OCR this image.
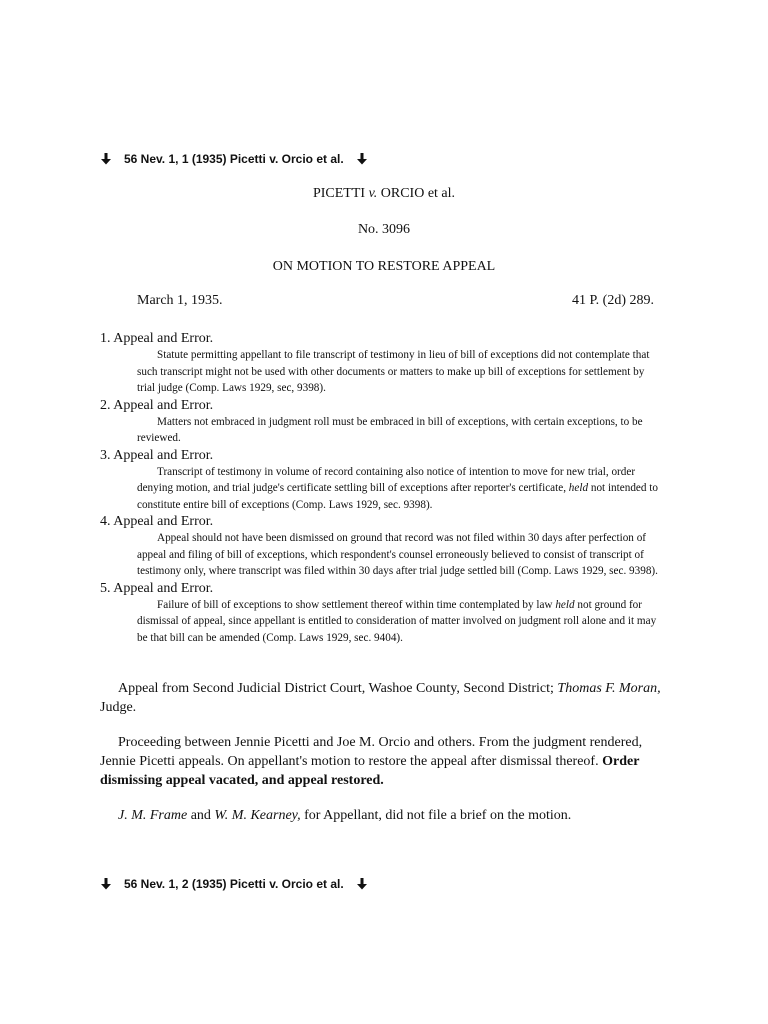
56 Nev. 1, 1 (1935) Picetti v. Orcio et al.
PICETTI v. ORCIO et al.
No. 3096
ON MOTION TO RESTORE APPEAL
March 1, 1935.	41 P. (2d) 289.
1. Appeal and Error.
Statute permitting appellant to file transcript of testimony in lieu of bill of exceptions did not contemplate that such transcript might not be used with other documents or matters to make up bill of exceptions for settlement by trial judge (Comp. Laws 1929, sec, 9398).
2. Appeal and Error.
Matters not embraced in judgment roll must be embraced in bill of exceptions, with certain exceptions, to be reviewed.
3. Appeal and Error.
Transcript of testimony in volume of record containing also notice of intention to move for new trial, order denying motion, and trial judge's certificate settling bill of exceptions after reporter's certificate, held not intended to constitute entire bill of exceptions (Comp. Laws 1929, sec. 9398).
4. Appeal and Error.
Appeal should not have been dismissed on ground that record was not filed within 30 days after perfection of appeal and filing of bill of exceptions, which respondent's counsel erroneously believed to consist of transcript of testimony only, where transcript was filed within 30 days after trial judge settled bill (Comp. Laws 1929, sec. 9398).
5. Appeal and Error.
Failure of bill of exceptions to show settlement thereof within time contemplated by law held not ground for dismissal of appeal, since appellant is entitled to consideration of matter involved on judgment roll alone and it may be that bill can be amended (Comp. Laws 1929, sec. 9404).

Appeal from Second Judicial District Court, Washoe County, Second District; Thomas F. Moran, Judge.

Proceeding between Jennie Picetti and Joe M. Orcio and others. From the judgment rendered, Jennie Picetti appeals. On appellant's motion to restore the appeal after dismissal thereof. Order dismissing appeal vacated, and appeal restored.

J. M. Frame and W. M. Kearney, for Appellant, did not file a brief on the motion.

56 Nev. 1, 2 (1935) Picetti v. Orcio et al.
